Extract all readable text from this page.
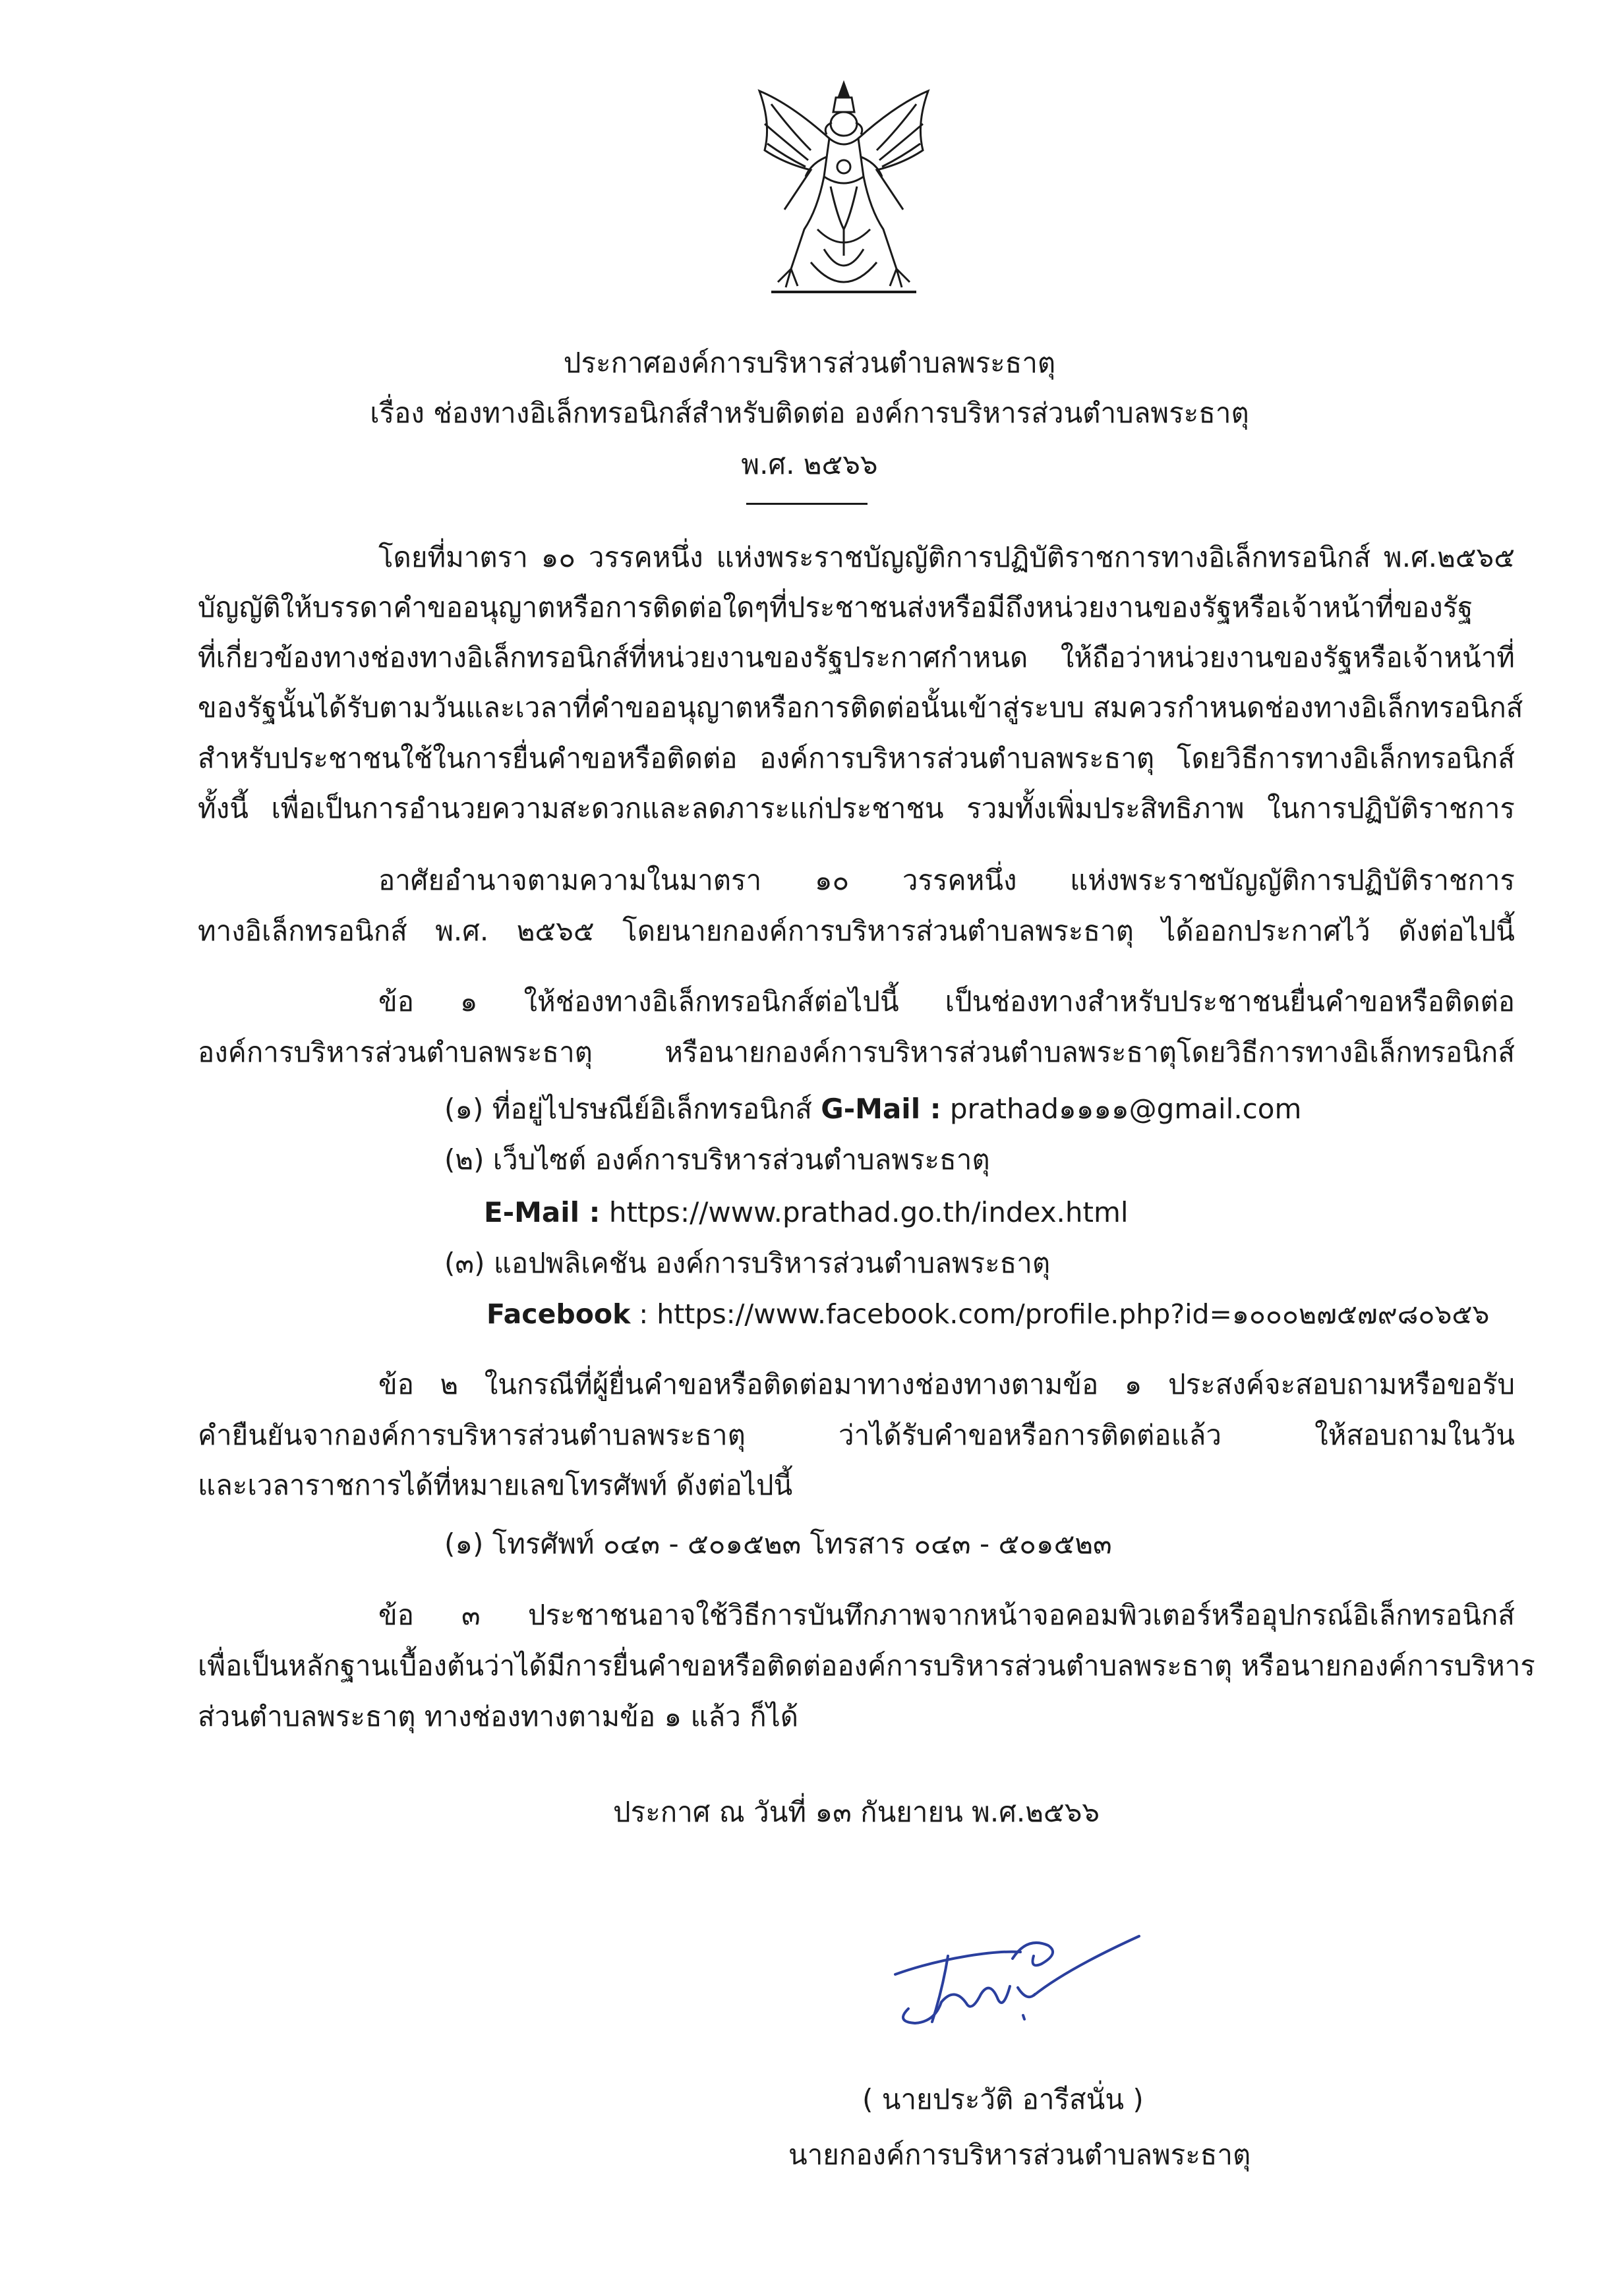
ประกาศองค์การบริหารส่วนตำบลพระธาตุ
เรื่อง ช่องทางอิเล็กทรอนิกส์สำหรับติดต่อ องค์การบริหารส่วนตำบลพระธาตุ
พ.ศ. ๒๕๖๖
โดยที่มาตรา ๑๐ วรรคหนึ่ง แห่งพระราชบัญญัติการปฏิบัติราชการทางอิเล็กทรอนิกส์ พ.ศ.๒๕๖๕
บัญญัติให้บรรดาคำขออนุญาตหรือการติดต่อใดๆที่ประชาชนส่งหรือมีถึงหน่วยงานของรัฐหรือเจ้าหน้าที่ของรัฐ
ที่เกี่ยวข้องทางช่องทางอิเล็กทรอนิกส์ที่หน่วยงานของรัฐประกาศกำหนด ให้ถือว่าหน่วยงานของรัฐหรือเจ้าหน้าที่
ของรัฐนั้นได้รับตามวันและเวลาที่คำขออนุญาตหรือการติดต่อนั้นเข้าสู่ระบบ สมควรกำหนดช่องทางอิเล็กทรอนิกส์
สำหรับประชาชนใช้ในการยื่นคำขอหรือติดต่อ องค์การบริหารส่วนตำบลพระธาตุ โดยวิธีการทางอิเล็กทรอนิกส์
ทั้งนี้ เพื่อเป็นการอำนวยความสะดวกและลดภาระแก่ประชาชน รวมทั้งเพิ่มประสิทธิภาพ ในการปฏิบัติราชการ
อาศัยอำนาจตามความในมาตรา ๑๐ วรรคหนึ่ง แห่งพระราชบัญญัติการปฏิบัติราชการ
ทางอิเล็กทรอนิกส์ พ.ศ. ๒๕๖๕ โดยนายกองค์การบริหารส่วนตำบลพระธาตุ ได้ออกประกาศไว้ ดังต่อไปนี้
ข้อ ๑ ให้ช่องทางอิเล็กทรอนิกส์ต่อไปนี้ เป็นช่องทางสำหรับประชาชนยื่นคำขอหรือติดต่อ
องค์การบริหารส่วนตำบลพระธาตุ หรือนายกองค์การบริหารส่วนตำบลพระธาตุโดยวิธีการทางอิเล็กทรอนิกส์
(๑) ที่อยู่ไปรษณีย์อิเล็กทรอนิกส์ G-Mail : prathad๑๑๑๑@gmail.com
(๒) เว็บไซต์ องค์การบริหารส่วนตำบลพระธาตุ
E-Mail : https://www.prathad.go.th/index.html
(๓) แอปพลิเคชัน องค์การบริหารส่วนตำบลพระธาตุ
Facebook : https://www.facebook.com/profile.php?id=๑๐๐๐๒๗๕๗๙๘๐๖๕๖
ข้อ ๒ ในกรณีที่ผู้ยื่นคำขอหรือติดต่อมาทางช่องทางตามข้อ ๑ ประสงค์จะสอบถามหรือขอรับ
คำยืนยันจากองค์การบริหารส่วนตำบลพระธาตุ ว่าได้รับคำขอหรือการติดต่อแล้ว ให้สอบถามในวัน
และเวลาราชการได้ที่หมายเลขโทรศัพท์ ดังต่อไปนี้
(๑) โทรศัพท์ ๐๔๓ - ๕๐๑๕๒๓ โทรสาร ๐๔๓ - ๕๐๑๕๒๓
ข้อ ๓ ประชาชนอาจใช้วิธีการบันทึกภาพจากหน้าจอคอมพิวเตอร์หรืออุปกรณ์อิเล็กทรอนิกส์
เพื่อเป็นหลักฐานเบื้องต้นว่าได้มีการยื่นคำขอหรือติดต่อองค์การบริหารส่วนตำบลพระธาตุ หรือนายกองค์การบริหาร
ส่วนตำบลพระธาตุ ทางช่องทางตามข้อ ๑ แล้ว ก็ได้
ประกาศ ณ วันที่ ๑๓ กันยายน พ.ศ.๒๕๖๖
( นายประวัติ อารีสนั่น )
นายกองค์การบริหารส่วนตำบลพระธาตุ
